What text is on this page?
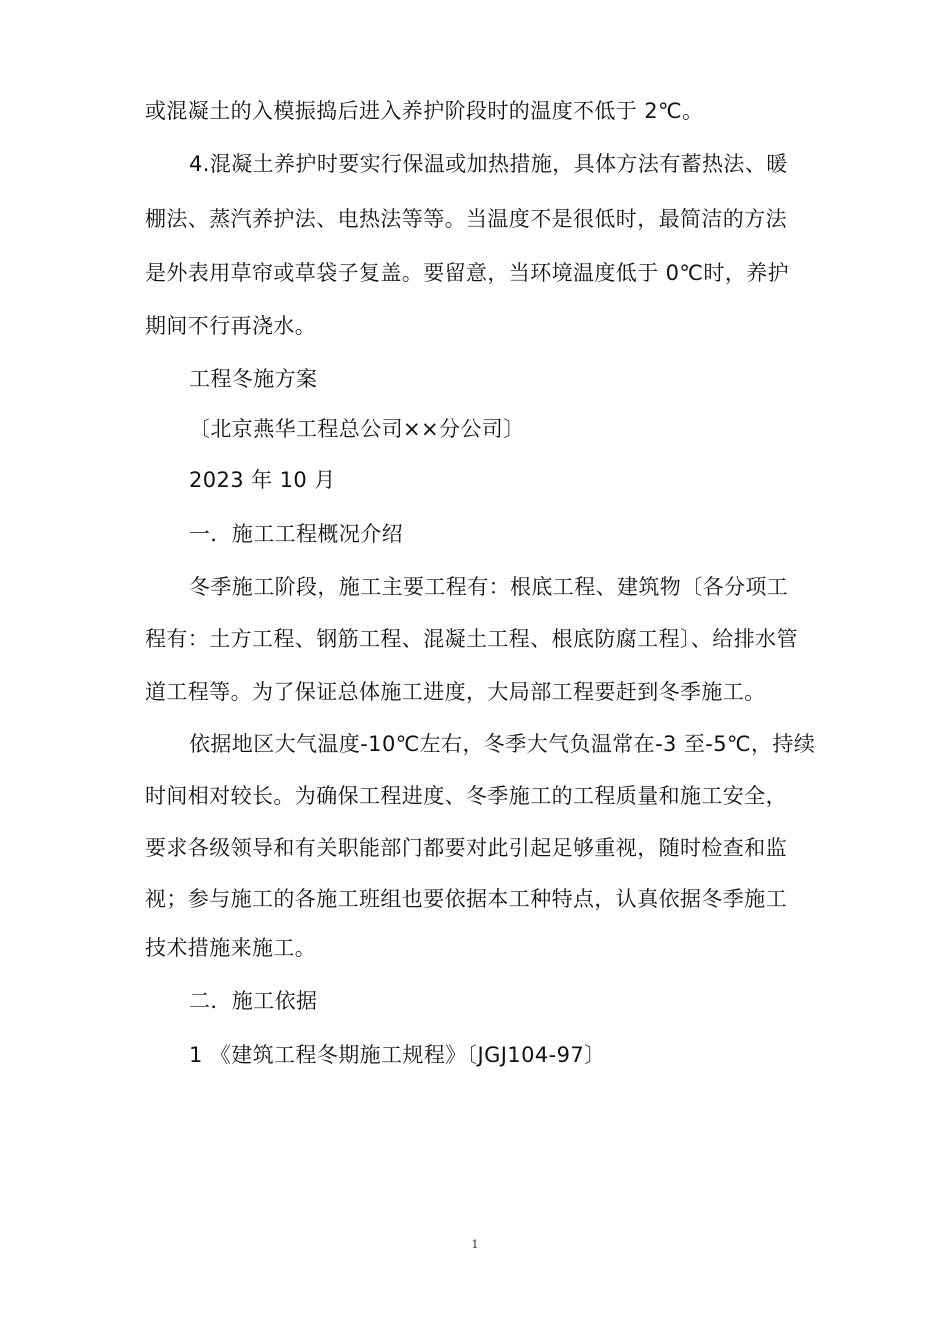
或混凝土的入模振捣后进入养护阶段时的温度不低于 2℃。
4.混凝土养护时要实行保温或加热措施，具体方法有蓄热法、暖
棚法、蒸汽养护法、电热法等等。当温度不是很低时，最简洁的方法
是外表用草帘或草袋子复盖。要留意，当环境温度低于 0℃时，养护
期间不行再浇水。
工程冬施方案
〔北京燕华工程总公司××分公司〕
2023 年 10 月
一．施工工程概况介绍
冬季施工阶段，施工主要工程有：根底工程、建筑物〔各分项工
程有：土方工程、钢筋工程、混凝土工程、根底防腐工程〕、给排水管
道工程等。为了保证总体施工进度，大局部工程要赶到冬季施工。
依据地区大气温度-10℃左右，冬季大气负温常在-3 至-5℃，持续
时间相对较长。为确保工程进度、冬季施工的工程质量和施工安全，
要求各级领导和有关职能部门都要对此引起足够重视，随时检查和监
视；参与施工的各施工班组也要依据本工种特点，认真依据冬季施工
技术措施来施工。
二．施工依据
1 《建筑工程冬期施工规程》〔JGJ104-97〕
1
